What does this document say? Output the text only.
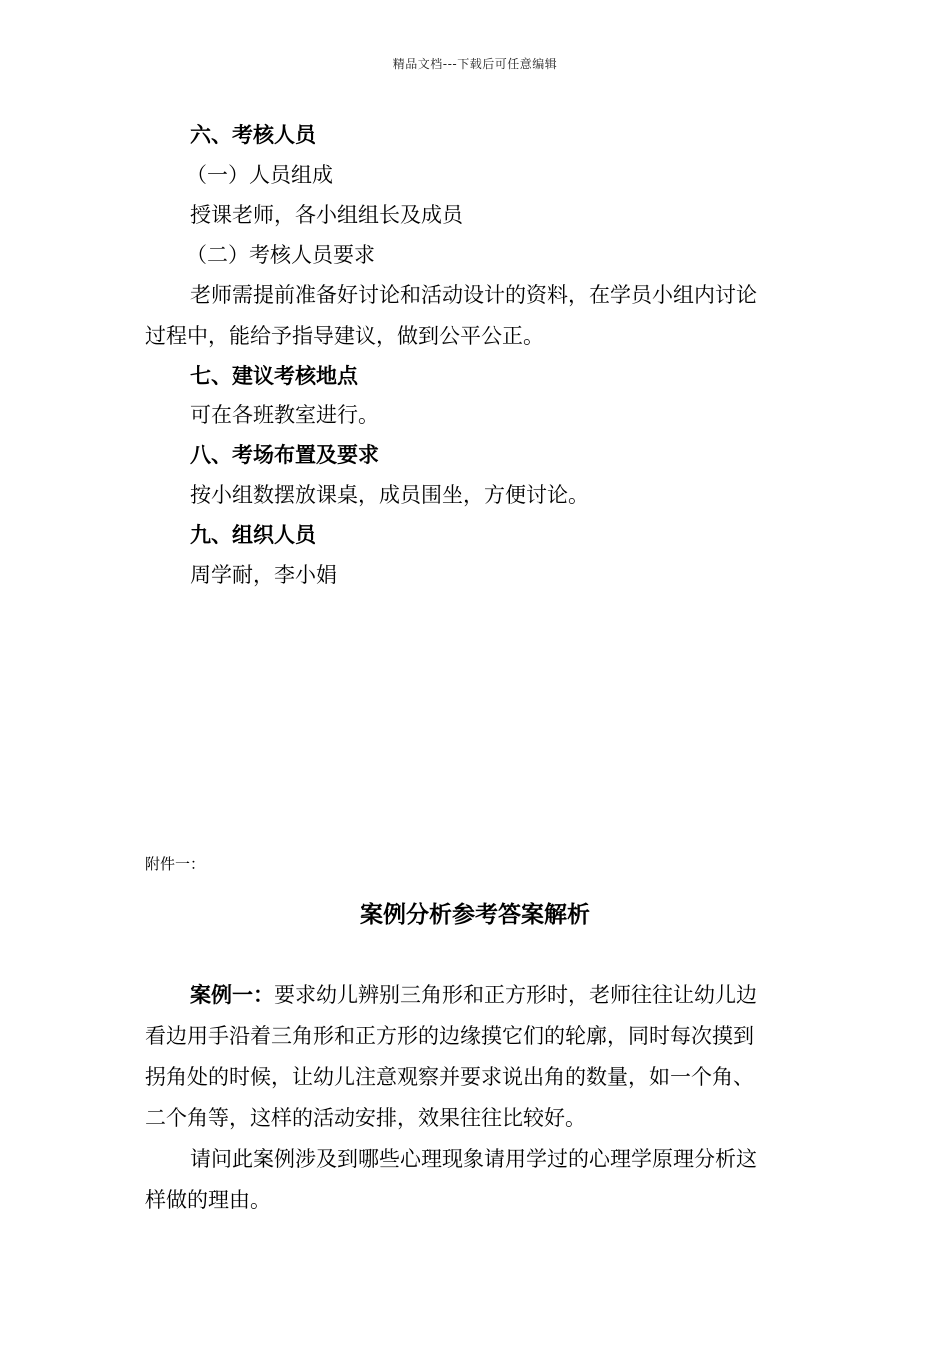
精品文档---下载后可任意编辑
六、考核人员
（一）人员组成
授课老师，各小组组长及成员
（二）考核人员要求
老师需提前准备好讨论和活动设计的资料，在学员小组内讨论
过程中，能给予指导建议，做到公平公正。
七、建议考核地点
可在各班教室进行。
八、考场布置及要求
按小组数摆放课桌，成员围坐，方便讨论。
九、组织人员
周学耐，李小娟
附件一：
案例分析参考答案解析
案例一：要求幼儿辨别三角形和正方形时，老师往往让幼儿边
看边用手沿着三角形和正方形的边缘摸它们的轮廓，同时每次摸到
拐角处的时候，让幼儿注意观察并要求说出角的数量，如一个角、
二个角等，这样的活动安排，效果往往比较好。
请问此案例涉及到哪些心理现象请用学过的心理学原理分析这
样做的理由。
